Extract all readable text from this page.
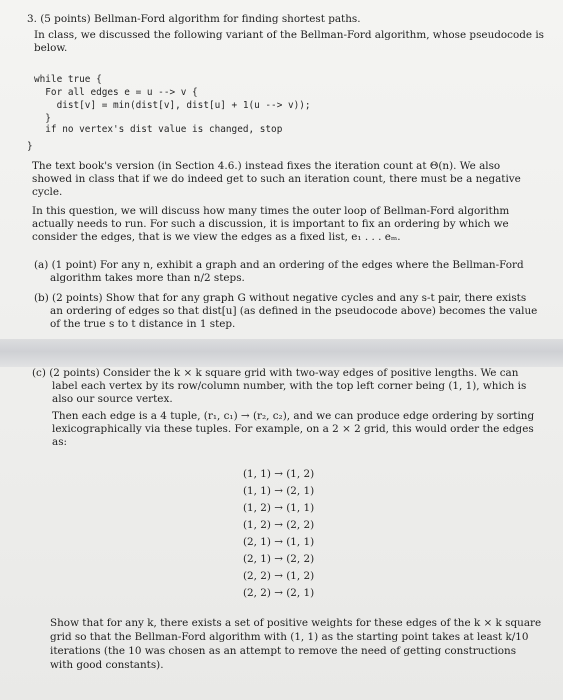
3. (5 points) Bellman-Ford algorithm for finding shortest paths.
In class, we discussed the following variant of the Bellman-Ford algorithm, whose pseudocode is
below.
while true {
For all edges e = u --> v {
dist[v] = min(dist[v], dist[u] + 1(u --> v));
}
if no vertex's dist value is changed, stop
}
The text book's version (in Section 4.6.) instead fixes the iteration count at Θ(n). We also
showed in class that if we do indeed get to such an iteration count, there must be a negative
cycle.
In this question, we will discuss how many times the outer loop of Bellman-Ford algorithm
actually needs to run. For such a discussion, it is important to fix an ordering by which we
consider the edges, that is we view the edges as a fixed list, e₁ . . . eₘ.
(a) (1 point) For any n, exhibit a graph and an ordering of the edges where the Bellman-Ford
algorithm takes more than n/2 steps.
(b) (2 points) Show that for any graph G without negative cycles and any s-t pair, there exists
an ordering of edges so that dist[u] (as defined in the pseudocode above) becomes the value
of the true s to t distance in 1 step.
(c) (2 points) Consider the k × k square grid with two-way edges of positive lengths. We can
label each vertex by its row/column number, with the top left corner being (1, 1), which is
also our source vertex.
Then each edge is a 4 tuple, (r₁, c₁) → (r₂, c₂), and we can produce edge ordering by sorting
lexicographically via these tuples. For example, on a 2 × 2 grid, this would order the edges
as:
(1, 1) → (1, 2)
(1, 1) → (2, 1)
(1, 2) → (1, 1)
(1, 2) → (2, 2)
(2, 1) → (1, 1)
(2, 1) → (2, 2)
(2, 2) → (1, 2)
(2, 2) → (2, 1)
Show that for any k, there exists a set of positive weights for these edges of the k × k square
grid so that the Bellman-Ford algorithm with (1, 1) as the starting point takes at least k/10
iterations (the 10 was chosen as an attempt to remove the need of getting constructions
with good constants).
